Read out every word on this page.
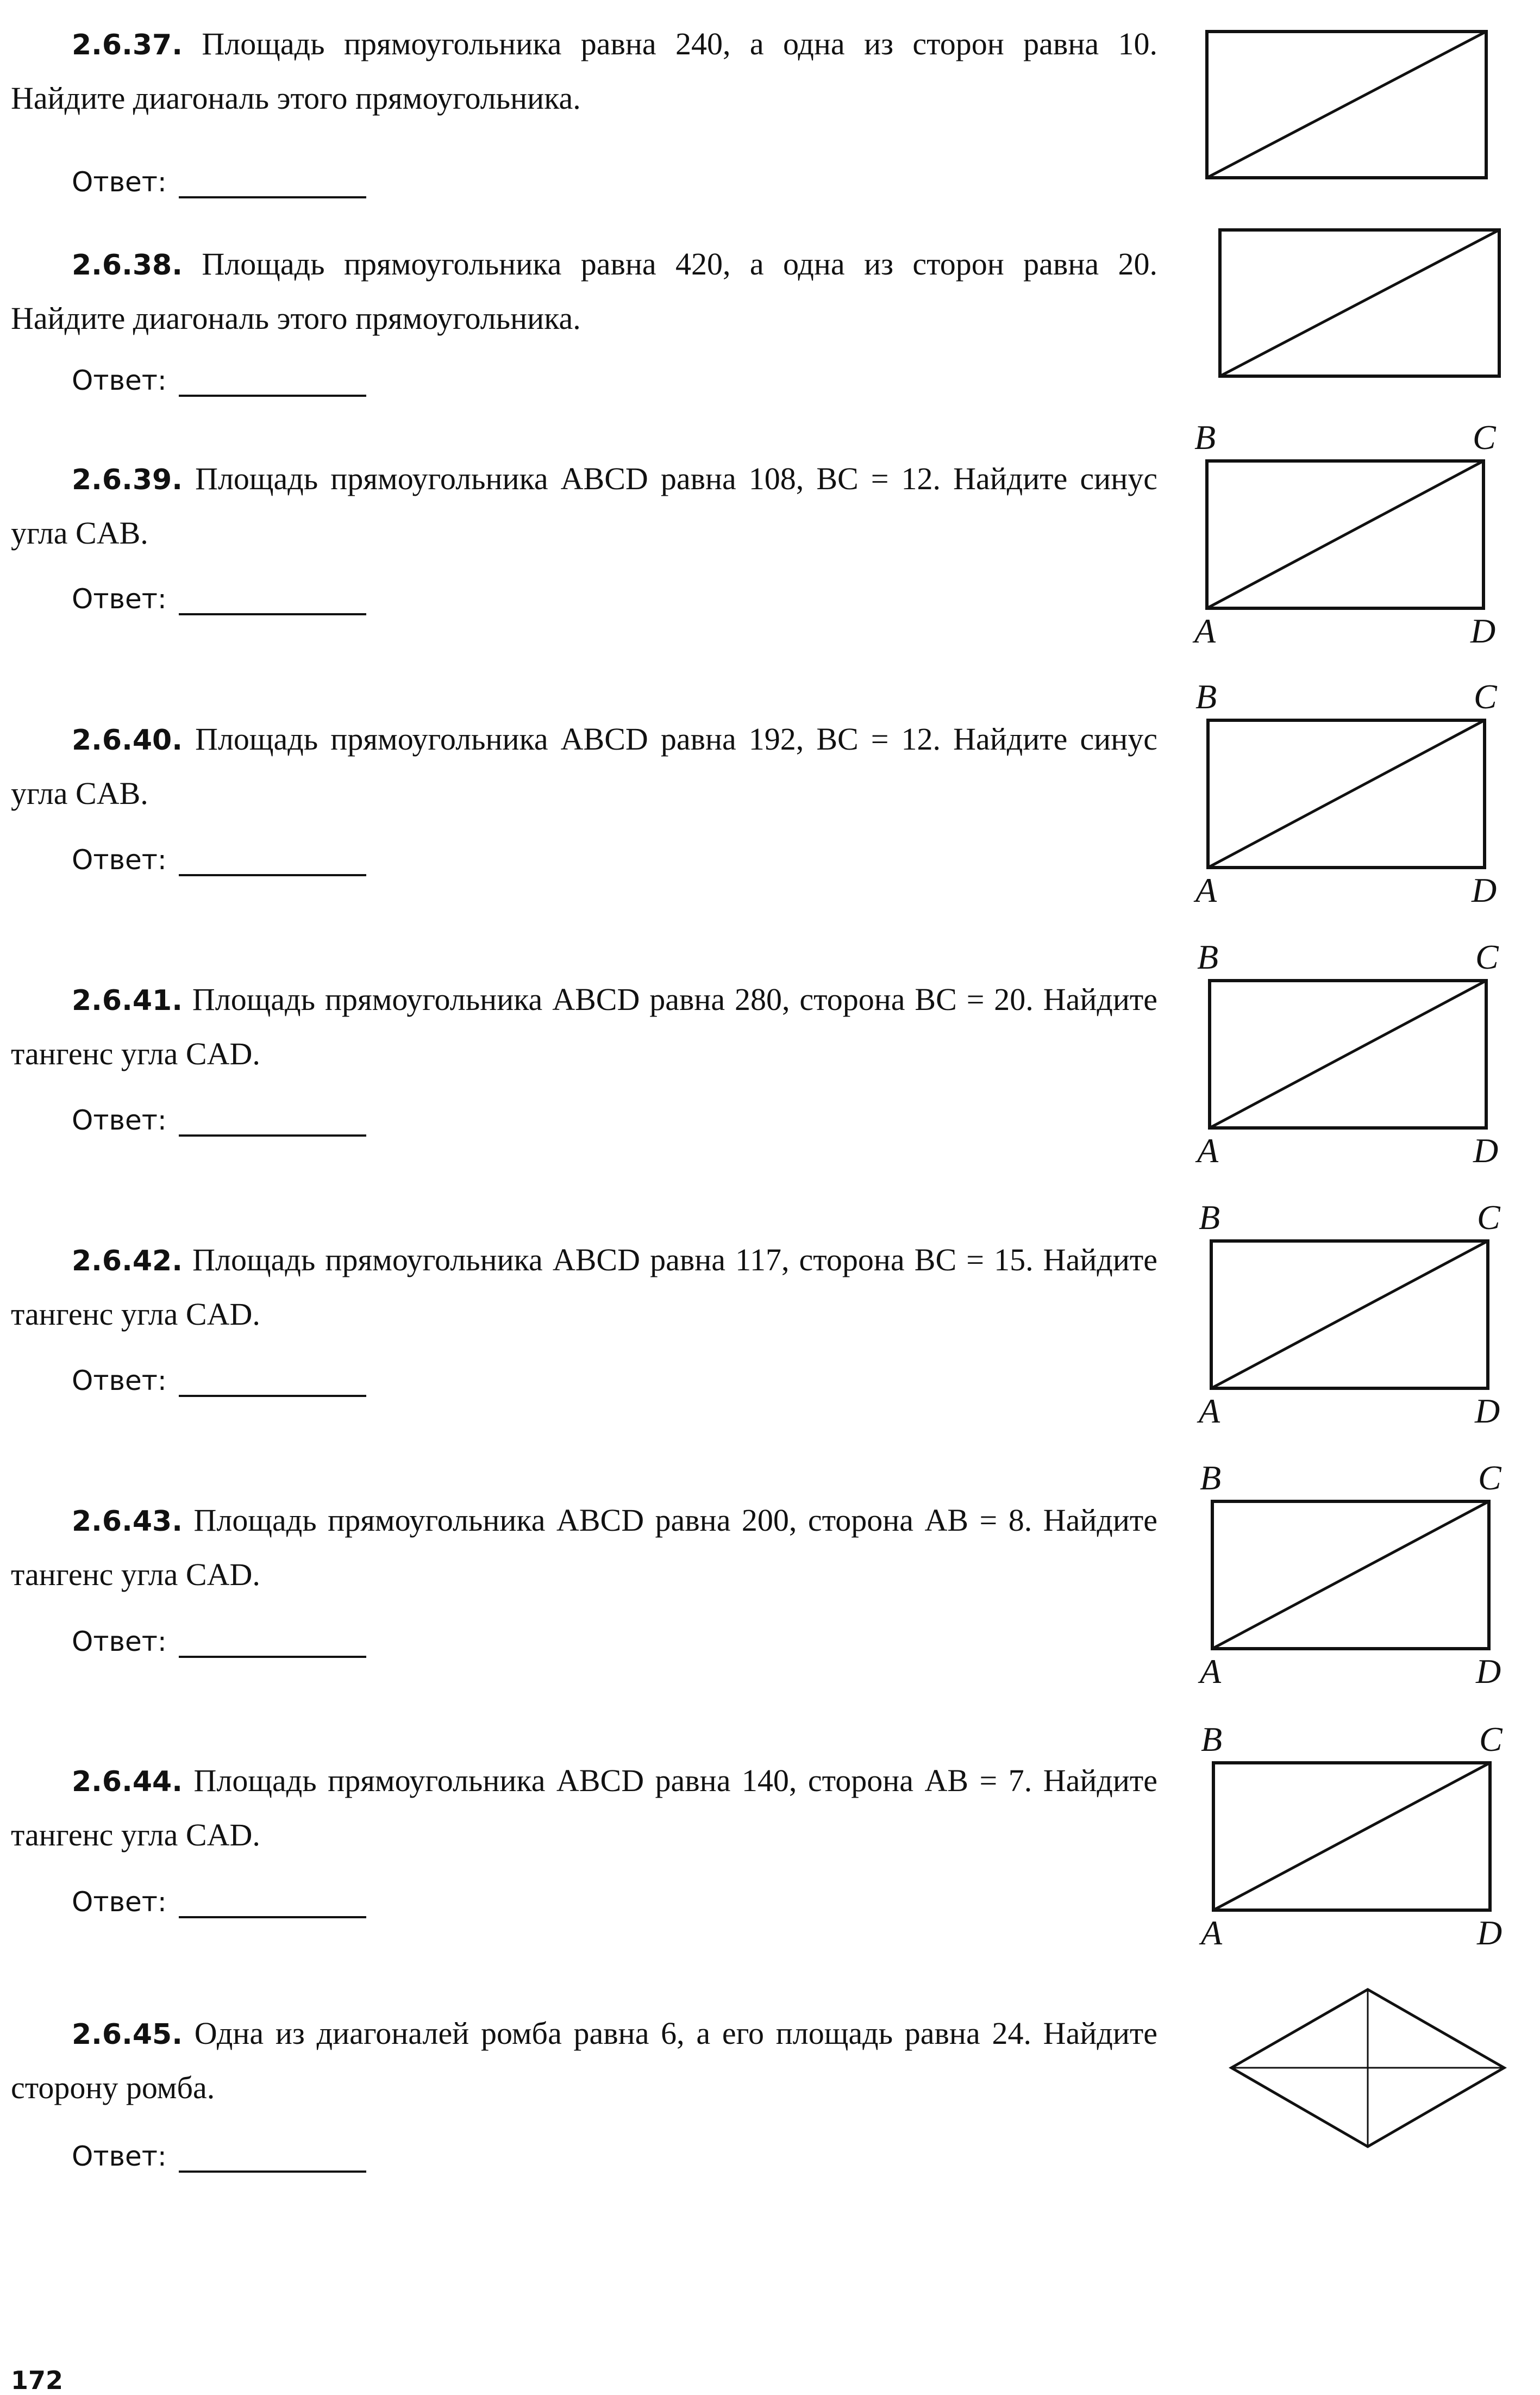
2.6.37. Площадь прямоугольника равна 240, а одна из сторон равна 10. Найдите диагональ этого прямоугольника.

Ответ:

2.6.38. Площадь прямоугольника равна 420, а одна из сторон равна 20. Найдите диагональ этого прямоугольника.

Ответ:

2.6.39. Площадь прямоугольника ABCD равна 108, BC = 12. Найдите синус угла CAB.

Ответ:
B	C
A	D

2.6.40. Площадь прямоугольника ABCD равна 192, BC = 12. Найдите синус угла CAB.

Ответ:
B	C
A	D

2.6.41. Площадь прямоугольника ABCD равна 280, сторона BC = 20. Найдите тангенс угла CAD.

Ответ:
B	C
A	D

2.6.42. Площадь прямоугольника ABCD равна 117, сторона BC = 15. Найдите тангенс угла CAD.

Ответ:
B	C
A	D

2.6.43. Площадь прямоугольника ABCD равна 200, сторона AB = 8. Найдите тангенс угла CAD.

Ответ:
B	C
A	D

2.6.44. Площадь прямоугольника ABCD равна 140, сторона AB = 7. Найдите тангенс угла CAD.

Ответ:
B	C
A	D

2.6.45. Одна из диагоналей ромба равна 6, а его площадь равна 24. Найдите сторону ромба.

Ответ:
172
